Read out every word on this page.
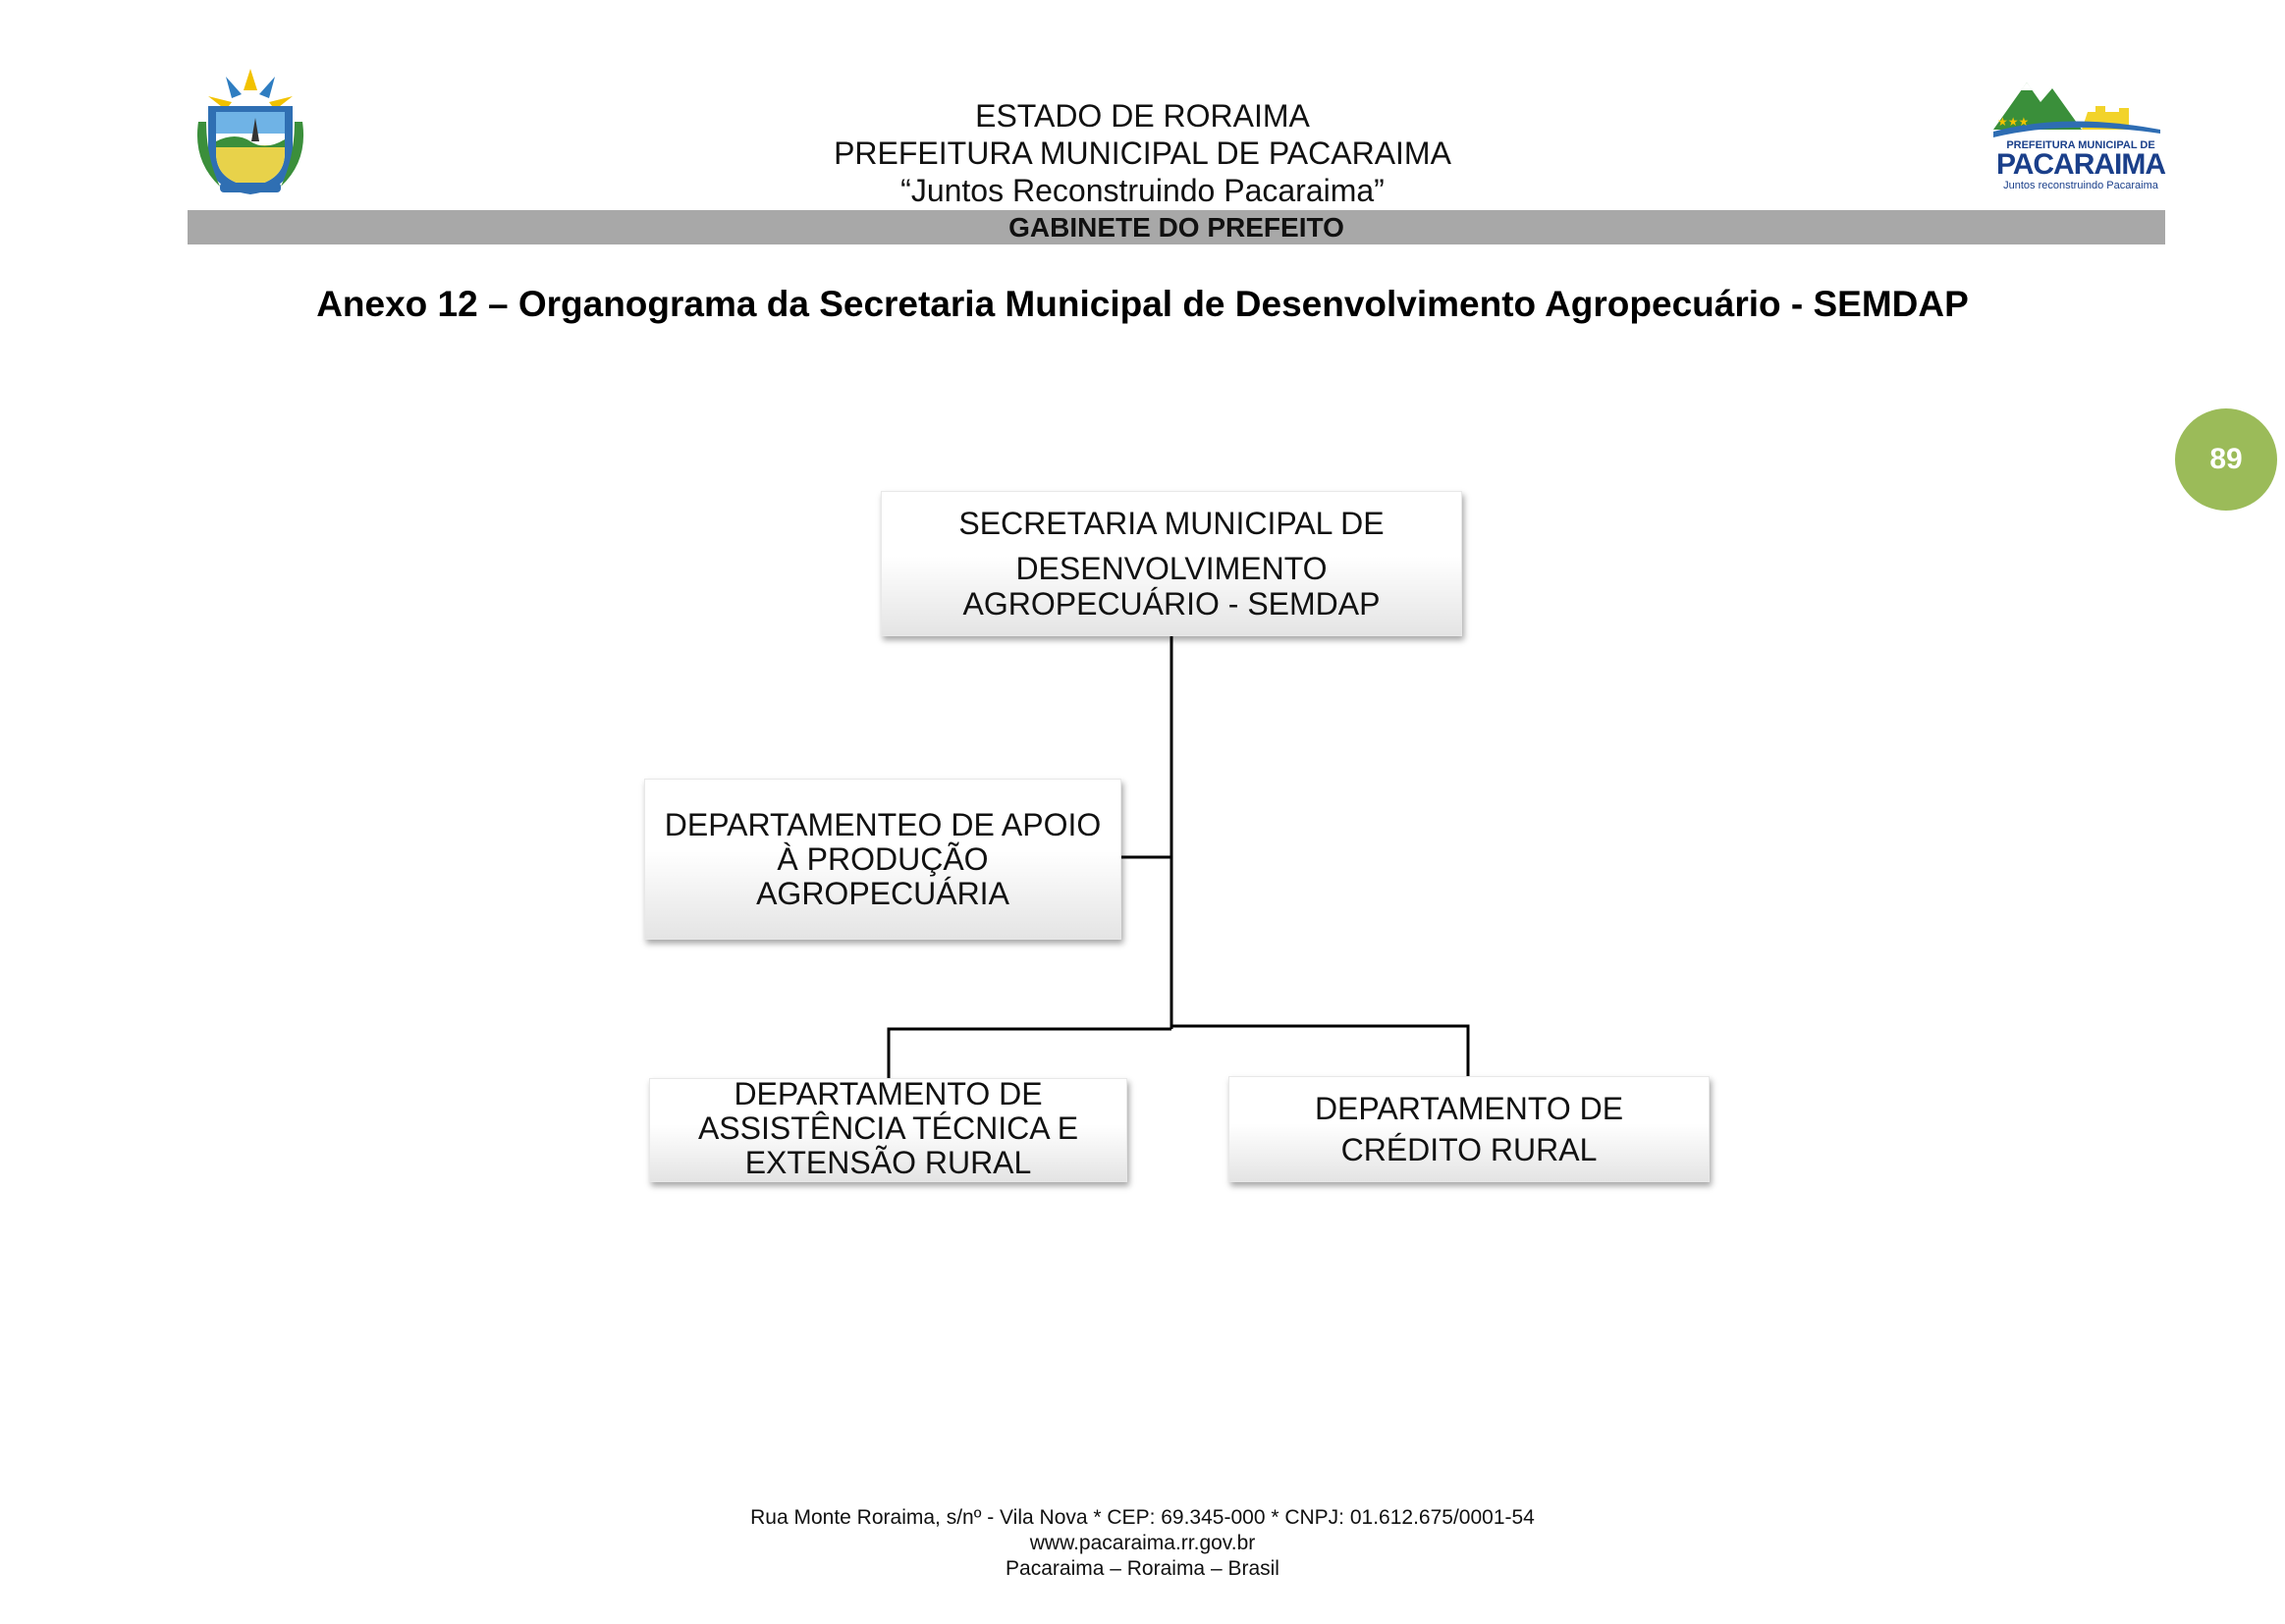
ESTADO DE RORAIMA
PREFEITURA MUNICIPAL DE PACARAIMA
“Juntos Reconstruindo Pacaraima”
★★★
PREFEITURA MUNICIPAL DE
PACARAIMA
Juntos reconstruindo Pacaraima
GABINETE DO PREFEITO
Anexo 12 – Organograma da Secretaria Municipal de Desenvolvimento Agropecuário - SEMDAP
89
SECRETARIA MUNICIPAL DE
DESENVOLVIMENTO
AGROPECUÁRIO - SEMDAP
DEPARTAMENTEO DE APOIO
À PRODUÇÃO
AGROPECUÁRIA
DEPARTAMENTO DE
ASSISTÊNCIA TÉCNICA E
EXTENSÃO RURAL
DEPARTAMENTO DE
CRÉDITO RURAL
Rua Monte Roraima, s/nº - Vila Nova * CEP: 69.345-000 * CNPJ: 01.612.675/0001-54
www.pacaraima.rr.gov.br
Pacaraima – Roraima – Brasil
